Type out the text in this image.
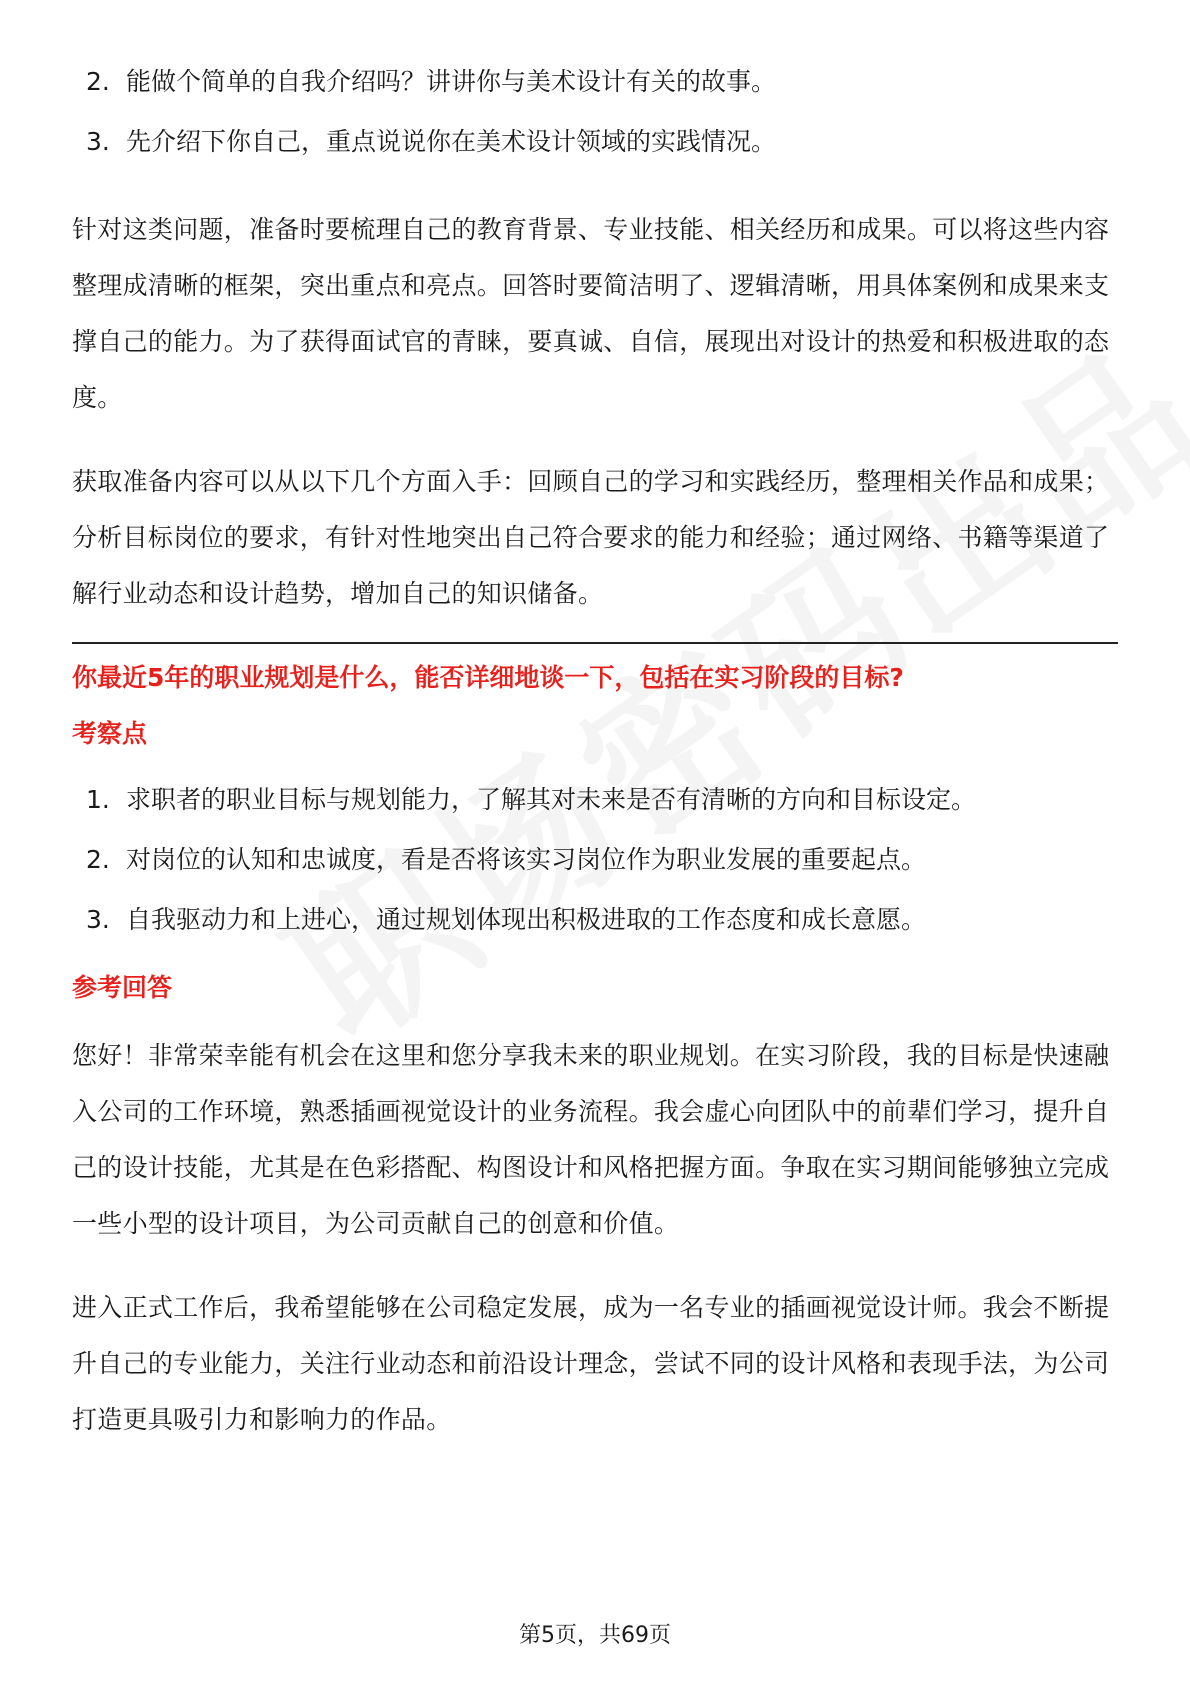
2. 能做个简单的自我介绍吗？讲讲你与美术设计有关的故事。
3. 先介绍下你自己，重点说说你在美术设计领域的实践情况。

针对这类问题，准备时要梳理自己的教育背景、专业技能、相关经历和成果。可以将这些内容整理成清晰的框架，突出重点和亮点。回答时要简洁明了、逻辑清晰，用具体案例和成果来支撑自己的能力。为了获得面试官的青睐，要真诚、自信，展现出对设计的热爱和积极进取的态度。

获取准备内容可以从以下几个方面入手：回顾自己的学习和实践经历，整理相关作品和成果；分析目标岗位的要求，有针对性地突出自己符合要求的能力和经验；通过网络、书籍等渠道了解行业动态和设计趋势，增加自己的知识储备。

你最近5年的职业规划是什么，能否详细地谈一下，包括在实习阶段的目标?

考察点

1. 求职者的职业目标与规划能力，了解其对未来是否有清晰的方向和目标设定。
2. 对岗位的认知和忠诚度，看是否将该实习岗位作为职业发展的重要起点。
3. 自我驱动力和上进心，通过规划体现出积极进取的工作态度和成长意愿。

参考回答

您好！非常荣幸能有机会在这里和您分享我未来的职业规划。在实习阶段，我的目标是快速融入公司的工作环境，熟悉插画视觉设计的业务流程。我会虚心向团队中的前辈们学习，提升自己的设计技能，尤其是在色彩搭配、构图设计和风格把握方面。争取在实习期间能够独立完成一些小型的设计项目，为公司贡献自己的创意和价值。

进入正式工作后，我希望能够在公司稳定发展，成为一名专业的插画视觉设计师。我会不断提升自己的专业能力，关注行业动态和前沿设计理念，尝试不同的设计风格和表现手法，为公司打造更具吸引力和影响力的作品。

第5页，共69页
